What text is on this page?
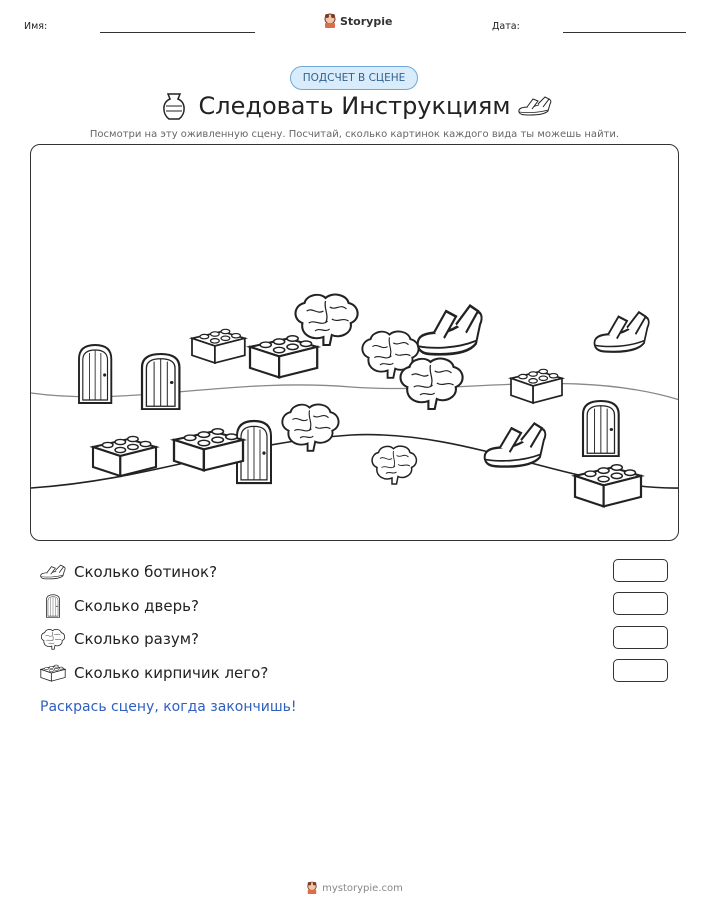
Имя:	Storypie	Дата:
ПОДСЧЕТ В СЦЕНЕ
Следовать Инструкциям
Посмотри на эту оживленную сцену. Посчитай, сколько картинок каждого вида ты можешь найти.
Сколько ботинок?
Сколько дверь?
Сколько разум?
Сколько кирпичик лего?
Раскрась сцену, когда закончишь!
mystorypie.com
